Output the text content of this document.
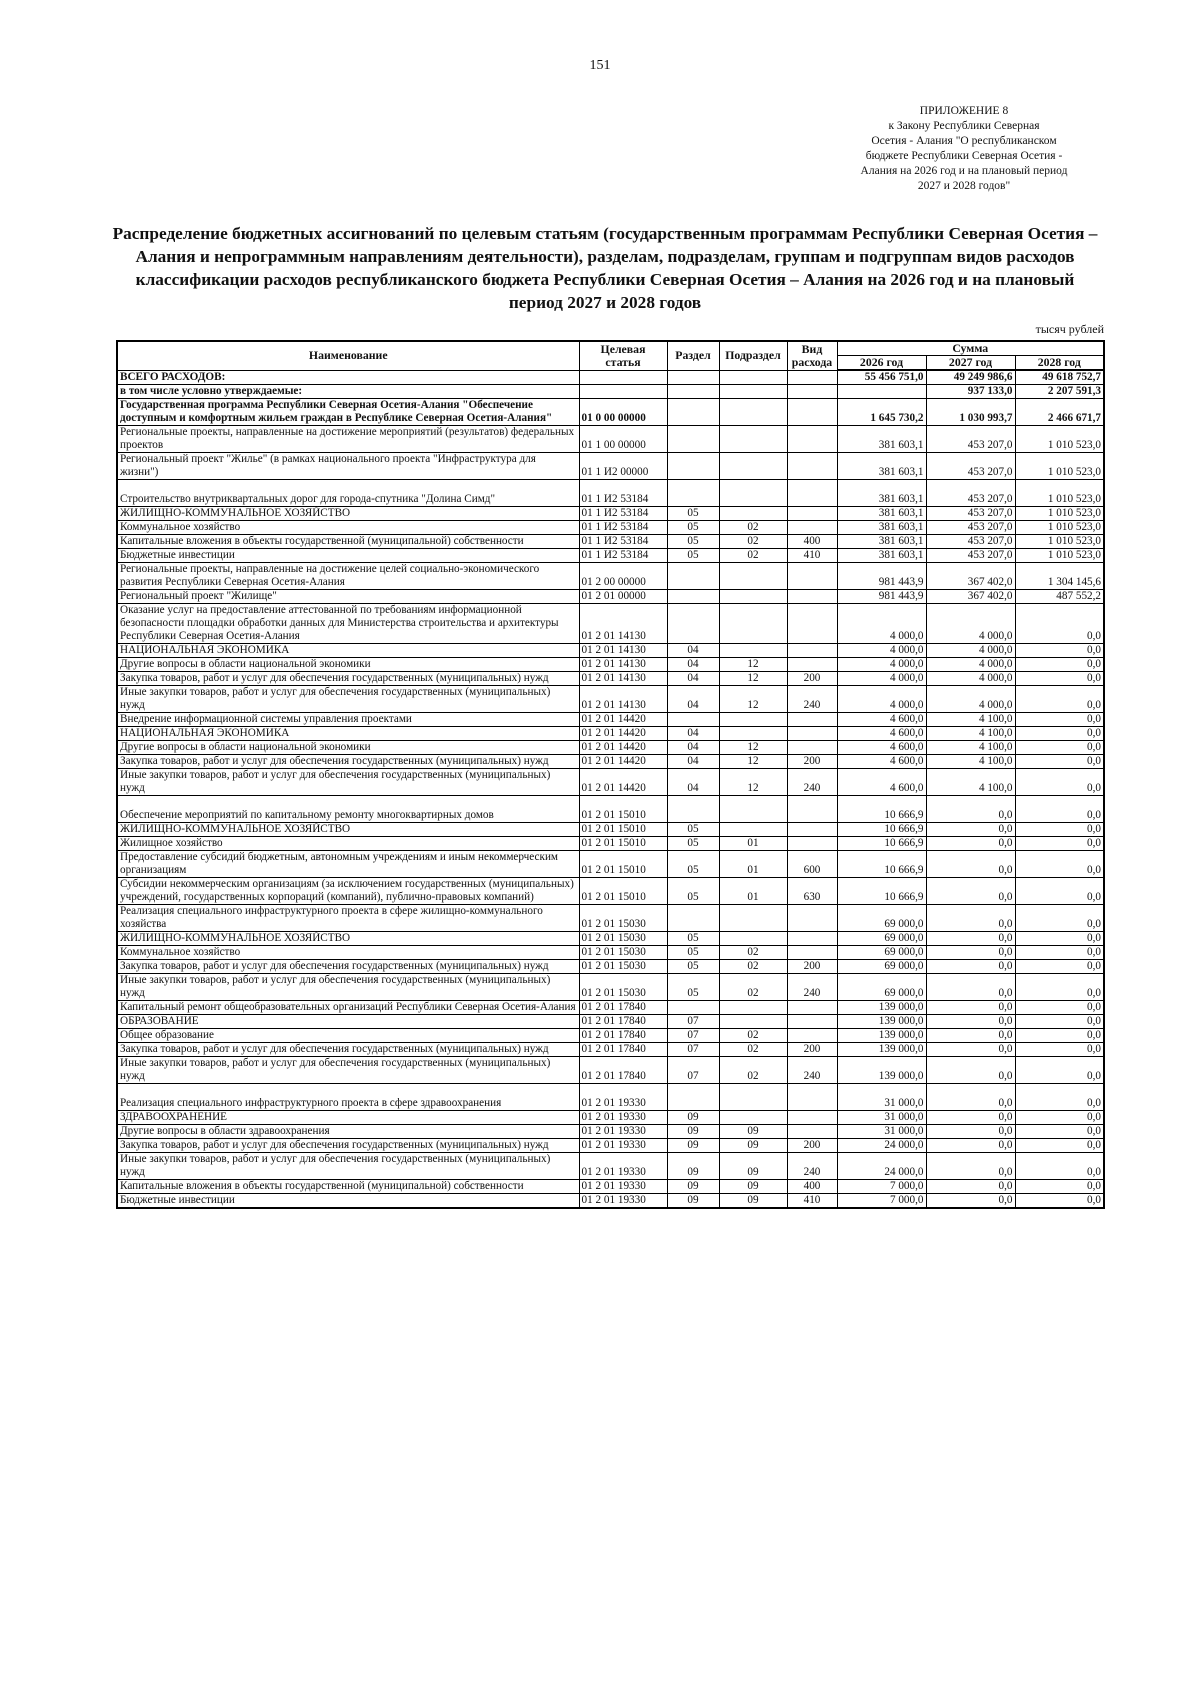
151
ПРИЛОЖЕНИЕ 8
к Закону Республики Северная
Осетия - Алания "О республиканском
бюджете Республики Северная Осетия -
Алания на 2026 год и на плановый период
2027 и 2028 годов"
Распределение бюджетных ассигнований по целевым статьям (государственным программам Республики Северная Осетия – Алания и непрограммным направлениям деятельности), разделам, подразделам, группам и подгруппам видов расходов классификации расходов республиканского бюджета Республики Северная Осетия – Алания на 2026 год и на плановый период 2027 и 2028 годов
тысяч рублей
Наименование	Целевая статья	Раздел	Подраздел	Вид расхода	Сумма		
					2026 год	2027 год	2028 год
ВСЕГО РАСХОДОВ:					55 456 751,0	49 249 986,6	49 618 752,7
в том числе условно утверждаемые:						937 133,0	2 207 591,3
Государственная программа Республики Северная Осетия-Алания "Обеспечение доступным и комфортным жильем граждан в Республике Северная Осетия-Алания"	01 0 00 00000				1 645 730,2	1 030 993,7	2 466 671,7
Региональные проекты, направленные на достижение мероприятий (результатов) федеральных проектов	01 1 00 00000				381 603,1	453 207,0	1 010 523,0
Региональный проект "Жилье" (в рамках национального проекта "Инфраструктура для жизни")	01 1 И2 00000				381 603,1	453 207,0	1 010 523,0
Строительство внутриквартальных дорог для города-спутника "Долина Симд"	01 1 И2 53184				381 603,1	453 207,0	1 010 523,0
ЖИЛИЩНО-КОММУНАЛЬНОЕ ХОЗЯЙСТВО	01 1 И2 53184	05			381 603,1	453 207,0	1 010 523,0
Коммунальное хозяйство	01 1 И2 53184	05	02		381 603,1	453 207,0	1 010 523,0
Капитальные вложения в объекты государственной (муниципальной) собственности	01 1 И2 53184	05	02	400	381 603,1	453 207,0	1 010 523,0
Бюджетные инвестиции	01 1 И2 53184	05	02	410	381 603,1	453 207,0	1 010 523,0
Региональные проекты, направленные на достижение целей социально-экономического развития Республики Северная Осетия-Алания	01 2 00 00000				981 443,9	367 402,0	1 304 145,6
Региональный проект "Жилище"	01 2 01 00000				981 443,9	367 402,0	487 552,2
Оказание услуг на предоставление аттестованной по требованиям информационной безопасности площадки обработки данных для Министерства строительства и архитектуры Республики Северная Осетия-Алания	01 2 01 14130				4 000,0	4 000,0	0,0
НАЦИОНАЛЬНАЯ ЭКОНОМИКА	01 2 01 14130	04			4 000,0	4 000,0	0,0
Другие вопросы в области национальной экономики	01 2 01 14130	04	12		4 000,0	4 000,0	0,0
Закупка товаров, работ и услуг для обеспечения государственных (муниципальных) нужд	01 2 01 14130	04	12	200	4 000,0	4 000,0	0,0
Иные закупки товаров, работ и услуг для обеспечения государственных (муниципальных) нужд	01 2 01 14130	04	12	240	4 000,0	4 000,0	0,0
Внедрение информационной системы управления проектами	01 2 01 14420				4 600,0	4 100,0	0,0
НАЦИОНАЛЬНАЯ ЭКОНОМИКА	01 2 01 14420	04			4 600,0	4 100,0	0,0
Другие вопросы в области национальной экономики	01 2 01 14420	04	12		4 600,0	4 100,0	0,0
Закупка товаров, работ и услуг для обеспечения государственных (муниципальных) нужд	01 2 01 14420	04	12	200	4 600,0	4 100,0	0,0
Иные закупки товаров, работ и услуг для обеспечения государственных (муниципальных) нужд	01 2 01 14420	04	12	240	4 600,0	4 100,0	0,0
Обеспечение мероприятий по капитальному ремонту многоквартирных домов	01 2 01 15010				10 666,9	0,0	0,0
ЖИЛИЩНО-КОММУНАЛЬНОЕ ХОЗЯЙСТВО	01 2 01 15010	05			10 666,9	0,0	0,0
Жилищное хозяйство	01 2 01 15010	05	01		10 666,9	0,0	0,0
Предоставление субсидий бюджетным, автономным учреждениям и иным некоммерческим организациям	01 2 01 15010	05	01	600	10 666,9	0,0	0,0
Субсидии некоммерческим организациям (за исключением государственных (муниципальных) учреждений, государственных корпораций (компаний), публично-правовых компаний)	01 2 01 15010	05	01	630	10 666,9	0,0	0,0
Реализация специального инфраструктурного проекта в сфере жилищно-коммунального хозяйства	01 2 01 15030				69 000,0	0,0	0,0
ЖИЛИЩНО-КОММУНАЛЬНОЕ ХОЗЯЙСТВО	01 2 01 15030	05			69 000,0	0,0	0,0
Коммунальное хозяйство	01 2 01 15030	05	02		69 000,0	0,0	0,0
Закупка товаров, работ и услуг для обеспечения государственных (муниципальных) нужд	01 2 01 15030	05	02	200	69 000,0	0,0	0,0
Иные закупки товаров, работ и услуг для обеспечения государственных (муниципальных) нужд	01 2 01 15030	05	02	240	69 000,0	0,0	0,0
Капитальный ремонт общеобразовательных организаций Республики Северная Осетия-Алания	01 2 01 17840				139 000,0	0,0	0,0
ОБРАЗОВАНИЕ	01 2 01 17840	07			139 000,0	0,0	0,0
Общее образование	01 2 01 17840	07	02		139 000,0	0,0	0,0
Закупка товаров, работ и услуг для обеспечения государственных (муниципальных) нужд	01 2 01 17840	07	02	200	139 000,0	0,0	0,0
Иные закупки товаров, работ и услуг для обеспечения государственных (муниципальных) нужд	01 2 01 17840	07	02	240	139 000,0	0,0	0,0
Реализация специального инфраструктурного проекта в сфере здравоохранения	01 2 01 19330				31 000,0	0,0	0,0
ЗДРАВООХРАНЕНИЕ	01 2 01 19330	09			31 000,0	0,0	0,0
Другие вопросы в области здравоохранения	01 2 01 19330	09	09		31 000,0	0,0	0,0
Закупка товаров, работ и услуг для обеспечения государственных (муниципальных) нужд	01 2 01 19330	09	09	200	24 000,0	0,0	0,0
Иные закупки товаров, работ и услуг для обеспечения государственных (муниципальных) нужд	01 2 01 19330	09	09	240	24 000,0	0,0	0,0
Капитальные вложения в объекты государственной (муниципальной) собственности	01 2 01 19330	09	09	400	7 000,0	0,0	0,0
Бюджетные инвестиции	01 2 01 19330	09	09	410	7 000,0	0,0	0,0
